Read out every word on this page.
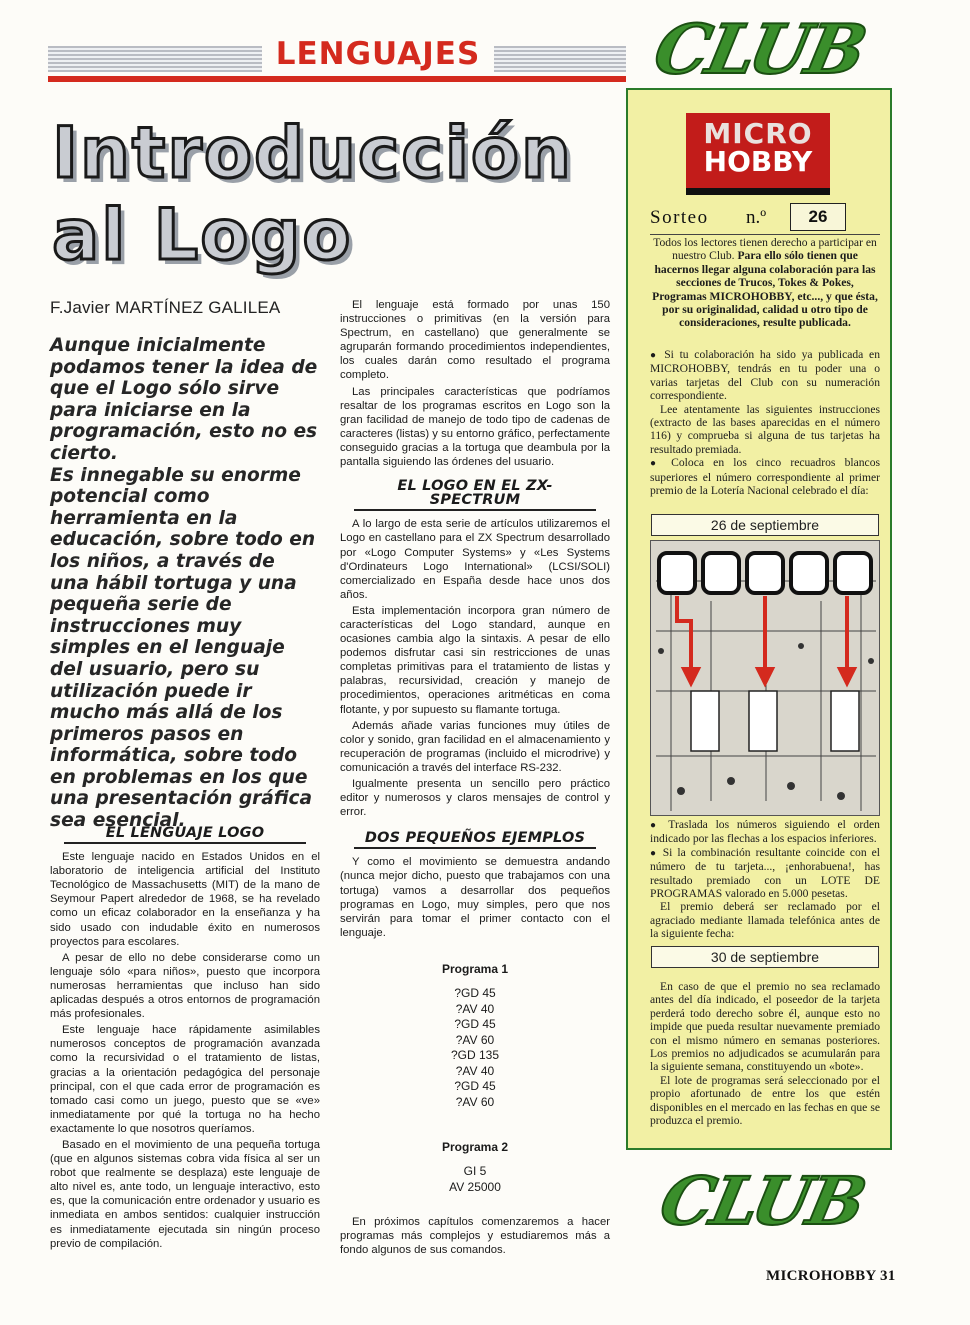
LENGUAJES
Introducción
al Logo
F.Javier MARTÍNEZ GALILEA

Aunque inicialmente podamos tener la idea de que el Logo sólo sirve para iniciarse en la programación, esto no es cierto.

Es innegable su enorme potencial como herramienta en la educación, sobre todo en los niños, a través de una hábil tortuga y una pequeña serie de instrucciones muy simples en el lenguaje del usuario, pero su utilización puede ir mucho más allá de los primeros pasos en informática, sobre todo en problemas en los que una presentación gráfica sea esencial.

EL LENGUAJE LOGO

Este lenguaje nacido en Estados Unidos en el laboratorio de inteligencia artificial del Instituto Tecnológico de Massachusetts (MIT) de la mano de Seymour Papert alrededor de 1968, se ha revelado como un eficaz colaborador en la enseñanza y ha sido usado con indudable éxito en numerosos proyectos para escolares.

A pesar de ello no debe considerarse como un lenguaje sólo «para niños», puesto que incorpora numerosas herramientas que incluso han sido aplicadas después a otros entornos de programación más profesionales.

Este lenguaje hace rápidamente asimilables numerosos conceptos de programación avanzada como la recursividad o el tratamiento de listas, gracias a la orientación pedagógica del personaje principal, con el que cada error de programación es tomado casi como un juego, puesto que se «ve» inmediatamente por qué la tortuga no ha hecho exactamente lo que nosotros queríamos.

Basado en el movimiento de una pequeña tortuga (que en algunos sistemas cobra vida física al ser un robot que realmente se desplaza) este lenguaje de alto nivel es, ante todo, un lenguaje interactivo, esto es, que la comunicación entre ordenador y usuario es inmediata en ambos sentidos: cualquier instrucción es inmediatamente ejecutada sin ningún proceso previo de compilación.

El lenguaje está formado por unas 150 instrucciones o primitivas (en la versión para Spectrum, en castellano) que generalmente se agruparán formando procedimientos independientes, los cuales darán como resultado el programa completo.

Las principales características que podríamos resaltar de los programas escritos en Logo son la gran facilidad de manejo de todo tipo de cadenas de caracteres (listas) y su entorno gráfico, perfectamente conseguido gracias a la tortuga que deambula por la pantalla siguiendo las órdenes del usuario.

EL LOGO EN EL ZX-SPECTRUM

A lo largo de esta serie de artículos utilizaremos el Logo en castellano para el ZX Spectrum desarrollado por «Logo Computer Systems» y «Les Systems d'Ordinateurs Logo International» (LCSI/SOLI) comercializado en España desde hace unos dos años.

Esta implementación incorpora gran número de características del Logo standard, aunque en ocasiones cambia algo la sintaxis. A pesar de ello podemos disfrutar casi sin restricciones de unas completas primitivas para el tratamiento de listas y palabras, recursividad, creación y manejo de procedimientos, operaciones aritméticas en coma flotante, y por supuesto su flamante tortuga.

Además añade varias funciones muy útiles de color y sonido, gran facilidad en el almacenamiento y recuperación de programas (incluido el microdrive) y comunicación a través del interface RS-232.

Igualmente presenta un sencillo pero práctico editor y numerosos y claros mensajes de control y error.

DOS PEQUEÑOS EJEMPLOS

Y como el movimiento se demuestra andando (nunca mejor dicho, puesto que trabajamos con una tortuga) vamos a desarrollar dos pequeños programas en Logo, muy simples, pero que nos servirán para tomar el primer contacto con el lenguaje.

Programa 1
?GD 45
?AV 40
?GD 45
?AV 60
?GD 135
?AV 40
?GD 45
?AV 60
Programa 2
GI 5
AV 25000

En próximos capítulos comenzaremos a hacer programas más complejos y estudiaremos más a fondo algunos de sus comandos.

CLUB
MICRO
HOBBY
Sorteo n.º	26
Todos los lectores tienen derecho a participar en nuestro Club. Para ello sólo tienen que hacernos llegar alguna colaboración para las secciones de Trucos, Tokes & Pokes, Programas MICROHOBBY, etc..., y que ésta, por su originalidad, calidad u otro tipo de consideraciones, resulte publicada.
● Si tu colaboración ha sido ya publicada en MICROHOBBY, tendrás en tu poder una o varias tarjetas del Club con su numeración correspondiente.
Lee atentamente las siguientes instrucciones (extracto de las bases aparecidas en el número 116) y comprueba si alguna de tus tarjetas ha resultado premiada.
● Coloca en los cinco recuadros blancos superiores el número correspondiente al primer premio de la Lotería Nacional celebrado el día:
26 de septiembre
● Traslada los números siguiendo el orden indicado por las flechas a los espacios inferiores.
● Si la combinación resultante coincide con el número de tu tarjeta..., ¡enhorabuena!, has resultado premiado con un LOTE DE PROGRAMAS valorado en 5.000 pesetas.
El premio deberá ser reclamado por el agraciado mediante llamada telefónica antes de la siguiente fecha:
30 de septiembre
En caso de que el premio no sea reclamado antes del día indicado, el poseedor de la tarjeta perderá todo derecho sobre él, aunque esto no impide que pueda resultar nuevamente premiado con el mismo número en semanas posteriores. Los premios no adjudicados se acumularán para la siguiente semana, constituyendo un «bote».
El lote de programas será seleccionado por el propio afortunado de entre los que estén disponibles en el mercado en las fechas en que se produzca el premio.
CLUB
MICROHOBBY 31
